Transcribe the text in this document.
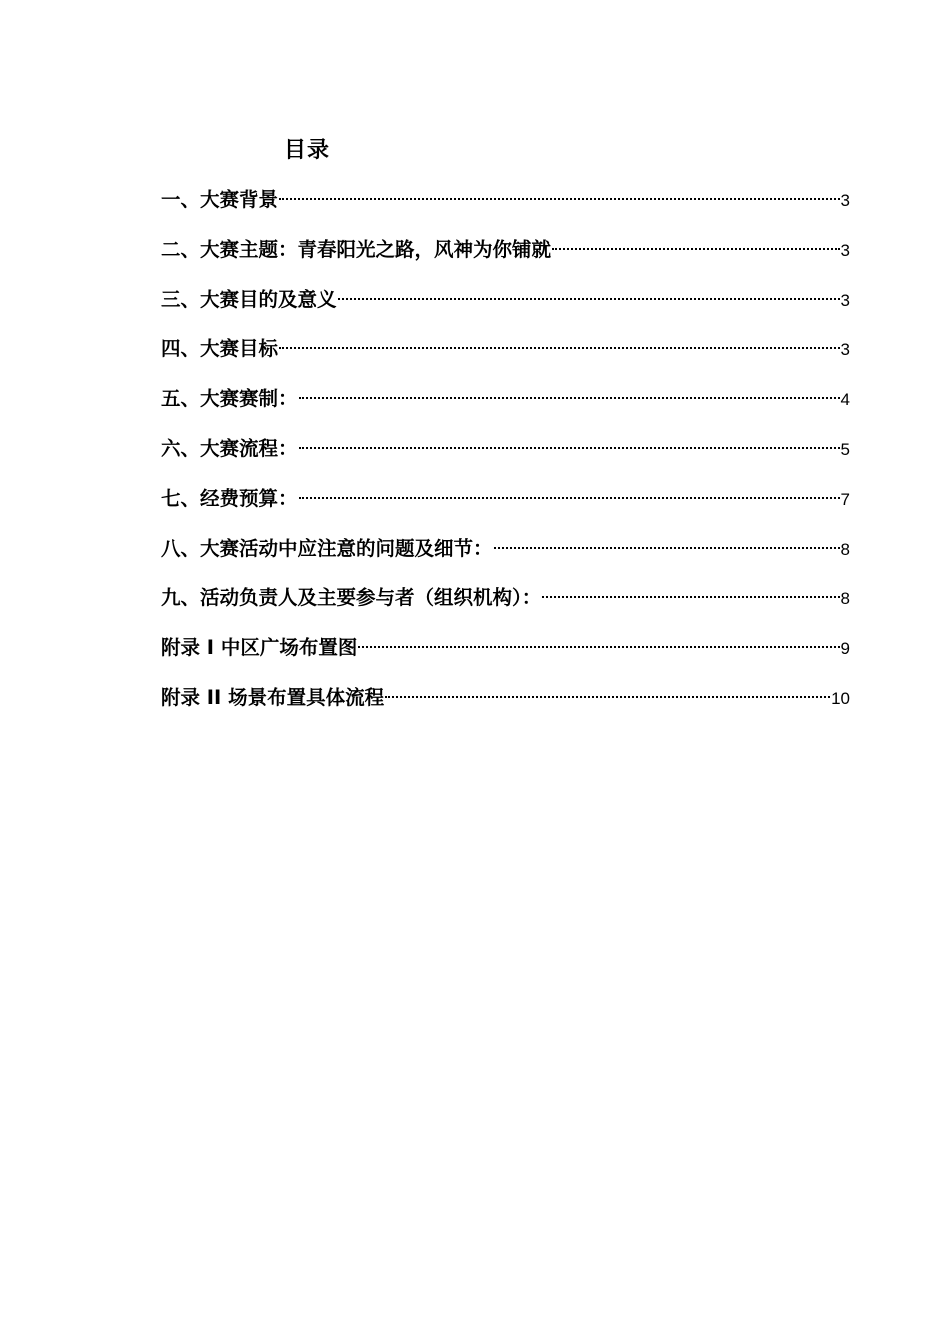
目录
一、大赛背景	3
二、大赛主题：青春阳光之路，风神为你铺就	3
三、大赛目的及意义	3
四、大赛目标	3
五、大赛赛制：	4
六、大赛流程：	5
七、经费预算：	7
八、大赛活动中应注意的问题及细节：	8
九、活动负责人及主要参与者（组织机构）：	8
附录 I 中区广场布置图	9
附录 II 场景布置具体流程	10
